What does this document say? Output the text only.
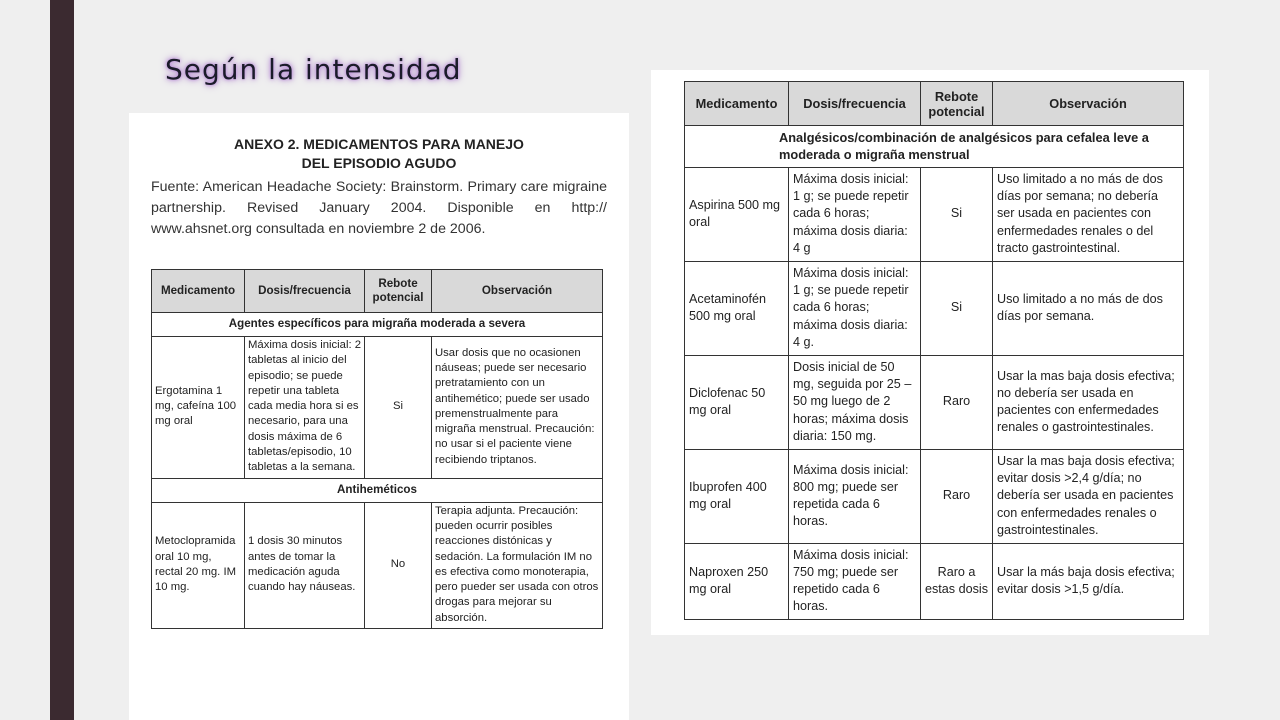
Según la intensidad
ANEXO 2. MEDICAMENTOS PARA MANEJO
DEL EPISODIO AGUDO
Fuente: American Headache Society: Brainstorm. Primary care migraine partnership. Revised January 2004. Disponible en http:// www.ahsnet.org consultada en noviembre 2 de 2006.
Medicamento	Dosis/frecuencia	Rebote potencial	Observación
Agentes específicos para migraña moderada a severa			
Ergotamina 1 mg, cafeína 100 mg oral	Máxima dosis inicial: 2 tabletas al inicio del episodio; se puede repetir una tableta cada media hora si es necesario, para una dosis máxima de 6 tabletas/episodio, 10 tabletas a la semana.	Si	Usar dosis que no ocasionen náuseas; puede ser necesario pretratamiento con un antihemético; puede ser usado premenstrualmente para migraña menstrual. Precaución: no usar si el paciente viene recibiendo triptanos.
Antiheméticos			
Metoclopramida oral 10 mg, rectal 20 mg. IM 10 mg.	1 dosis 30 minutos antes de tomar la medicación aguda cuando hay náuseas.	No	Terapia adjunta. Precaución: pueden ocurrir posibles reacciones distónicas y sedación. La formulación IM no es efectiva como monoterapia, pero pueder ser usada con otros drogas para mejorar su absorción.
Medicamento	Dosis/frecuencia	Rebote potencial	Observación
Analgésicos/combinación de analgésicos para cefalea leve a moderada o migraña menstrual			
Aspirina 500 mg oral	Máxima dosis inicial: 1 g; se puede repetir cada 6 horas; máxima dosis diaria: 4 g	Si	Uso limitado a no más de dos días por semana; no debería ser usada en pacientes con enfermedades renales o del tracto gastrointestinal.
Acetaminofén 500 mg oral	Máxima dosis inicial: 1 g; se puede repetir cada 6 horas; máxima dosis diaria: 4 g.	Si	Uso limitado a no más de dos días por semana.
Diclofenac 50 mg oral	Dosis inicial de 50 mg, seguida por 25 – 50 mg luego de 2 horas; máxima dosis diaria: 150 mg.	Raro	Usar la mas baja dosis efectiva; no debería ser usada en pacientes con enfermedades renales o gastrointestinales.
Ibuprofen 400 mg oral	Máxima dosis inicial: 800 mg; puede ser repetida cada 6 horas.	Raro	Usar la mas baja dosis efectiva; evitar dosis >2,4 g/día; no debería ser usada en pacientes con enfermedades renales o gastrointestinales.
Naproxen 250 mg oral	Máxima dosis inicial: 750 mg; puede ser repetido cada 6 horas.	Raro a estas dosis	Usar la más baja dosis efectiva; evitar dosis >1,5 g/día.
